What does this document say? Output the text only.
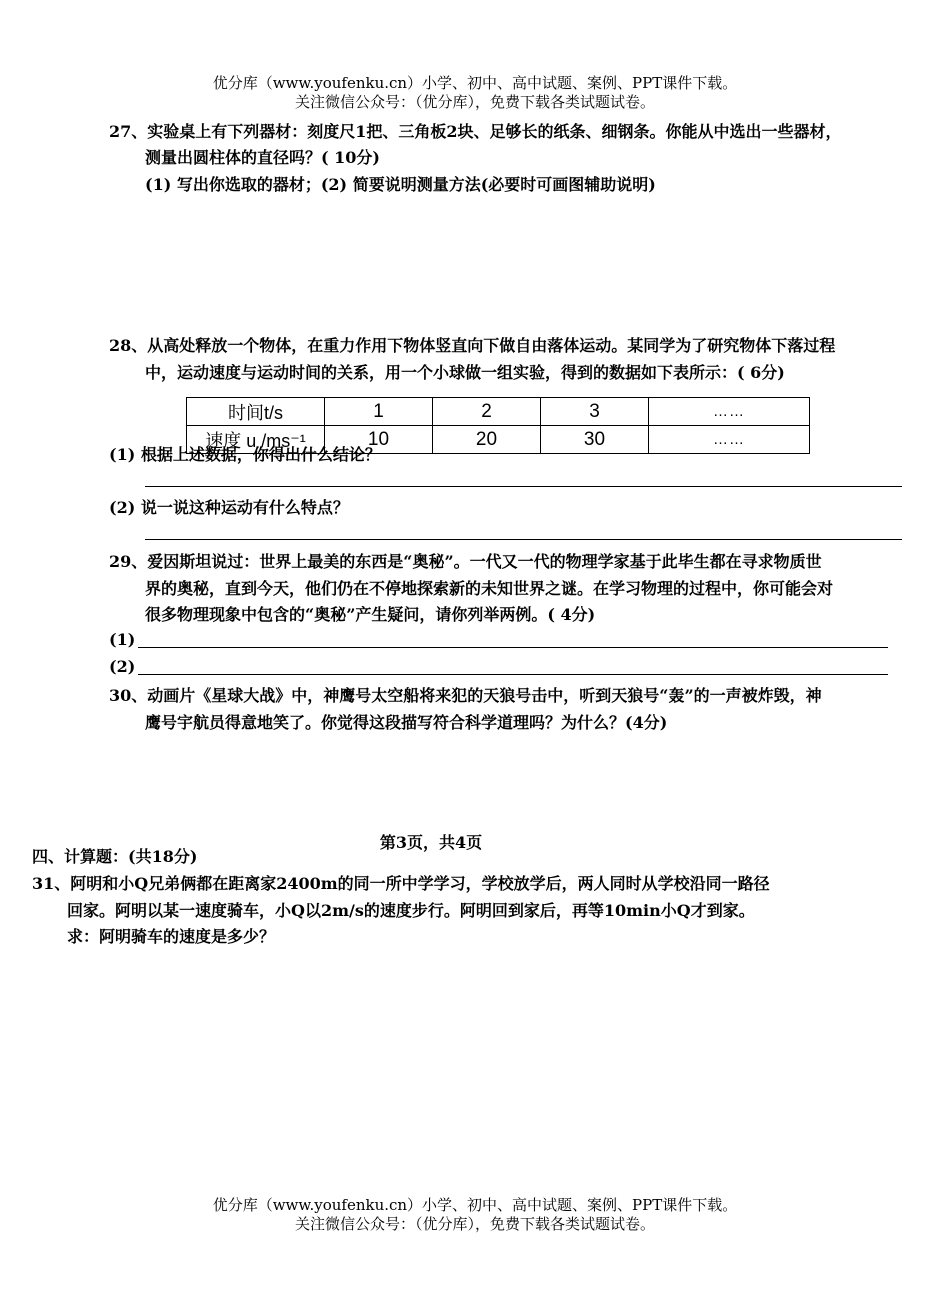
优分库（www.youfenku.cn）小学、初中、高中试题、案例、PPT课件下载。
关注微信公众号：（优分库），免费下载各类试题试卷。
27、实验桌上有下列器材：刻度尺1把、三角板2块、足够长的纸条、细钢条。你能从中选出一些器材，
测量出圆柱体的直径吗？( 10分)
(1) 写出你选取的器材；(2) 简要说明测量方法(必要时可画图辅助说明)
28、从高处释放一个物体，在重力作用下物体竖直向下做自由落体运动。某同学为了研究物体下落过程
中，运动速度与运动时间的关系，用一个小球做一组实验，得到的数据如下表所示：( 6分)
时间t/s	1	2	3	……
速度 u /ms⁻¹	10	20	30	……
(1) 根据上述数据，你得出什么结论？
(2) 说一说这种运动有什么特点？
29、爱因斯坦说过：世界上最美的东西是“奥秘”。一代又一代的物理学家基于此毕生都在寻求物质世
界的奥秘，直到今天，他们仍在不停地探索新的未知世界之谜。在学习物理的过程中，你可能会对
很多物理现象中包含的“奥秘”产生疑问，请你列举两例。( 4分)
(1)
(2)
30、动画片《星球大战》中，神鹰号太空船将来犯的天狼号击中，听到天狼号“轰”的一声被炸毁，神
鹰号宇航员得意地笑了。你觉得这段描写符合科学道理吗？为什么？(4分)
第3页，共4页
四、计算题：(共18分)
31、阿明和小Q兄弟俩都在距离家2400m的同一所中学学习，学校放学后，两人同时从学校沿同一路径
回家。阿明以某一速度骑车，小Q以2m/s的速度步行。阿明回到家后，再等10min小Q才到家。
求：阿明骑车的速度是多少？
优分库（www.youfenku.cn）小学、初中、高中试题、案例、PPT课件下载。
关注微信公众号：（优分库），免费下载各类试题试卷。
